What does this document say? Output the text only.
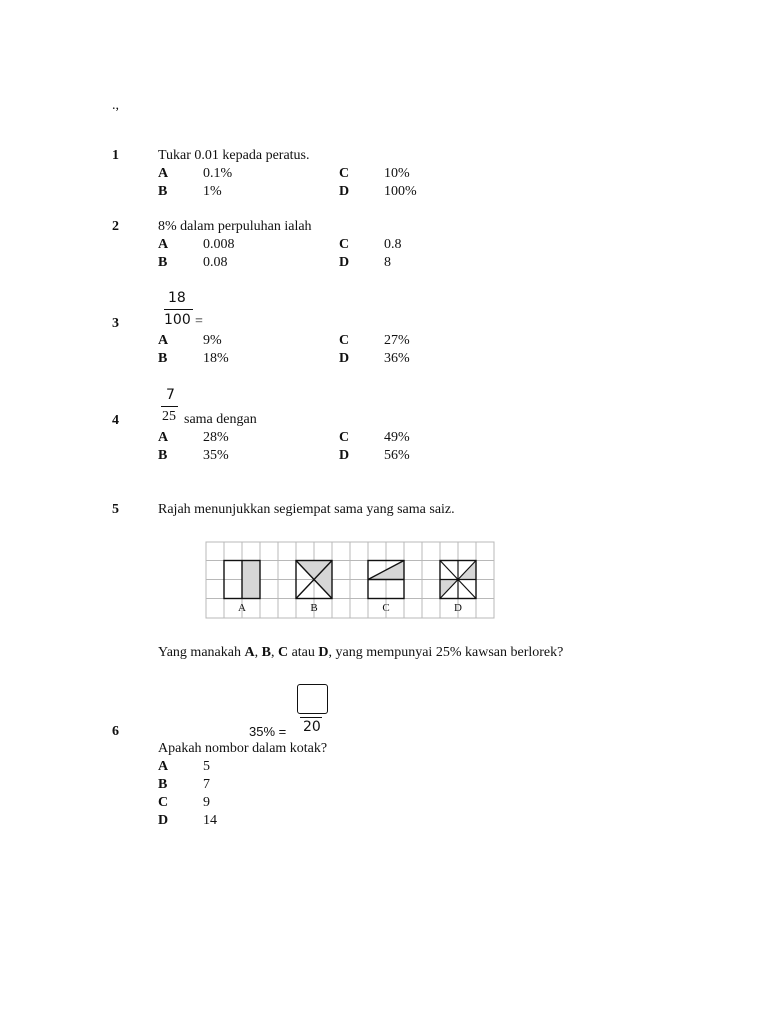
.,
1	Tukar 0.01 kepada peratus.
A 0.1%
B	1%
C 10%
D 100%
2	8% dalam perpuluhan ialah
A 0.008
B	0.08
C 0.8
D 8
18
100 =
3
A 9%
B	18%
C 27%
D 36%
7
25 sama dengan
4
A 28%
B	35%
C 49%
D 56%
5	Rajah menunjukkan segiempat sama yang sama saiz.
A	B	C	D
Yang manakah A, B, C atau D, yang mempunyai 25% kawsan berlorek?
20
35% =
6
Apakah nombor dalam kotak?
A 5
B	7
C 9
D 14
